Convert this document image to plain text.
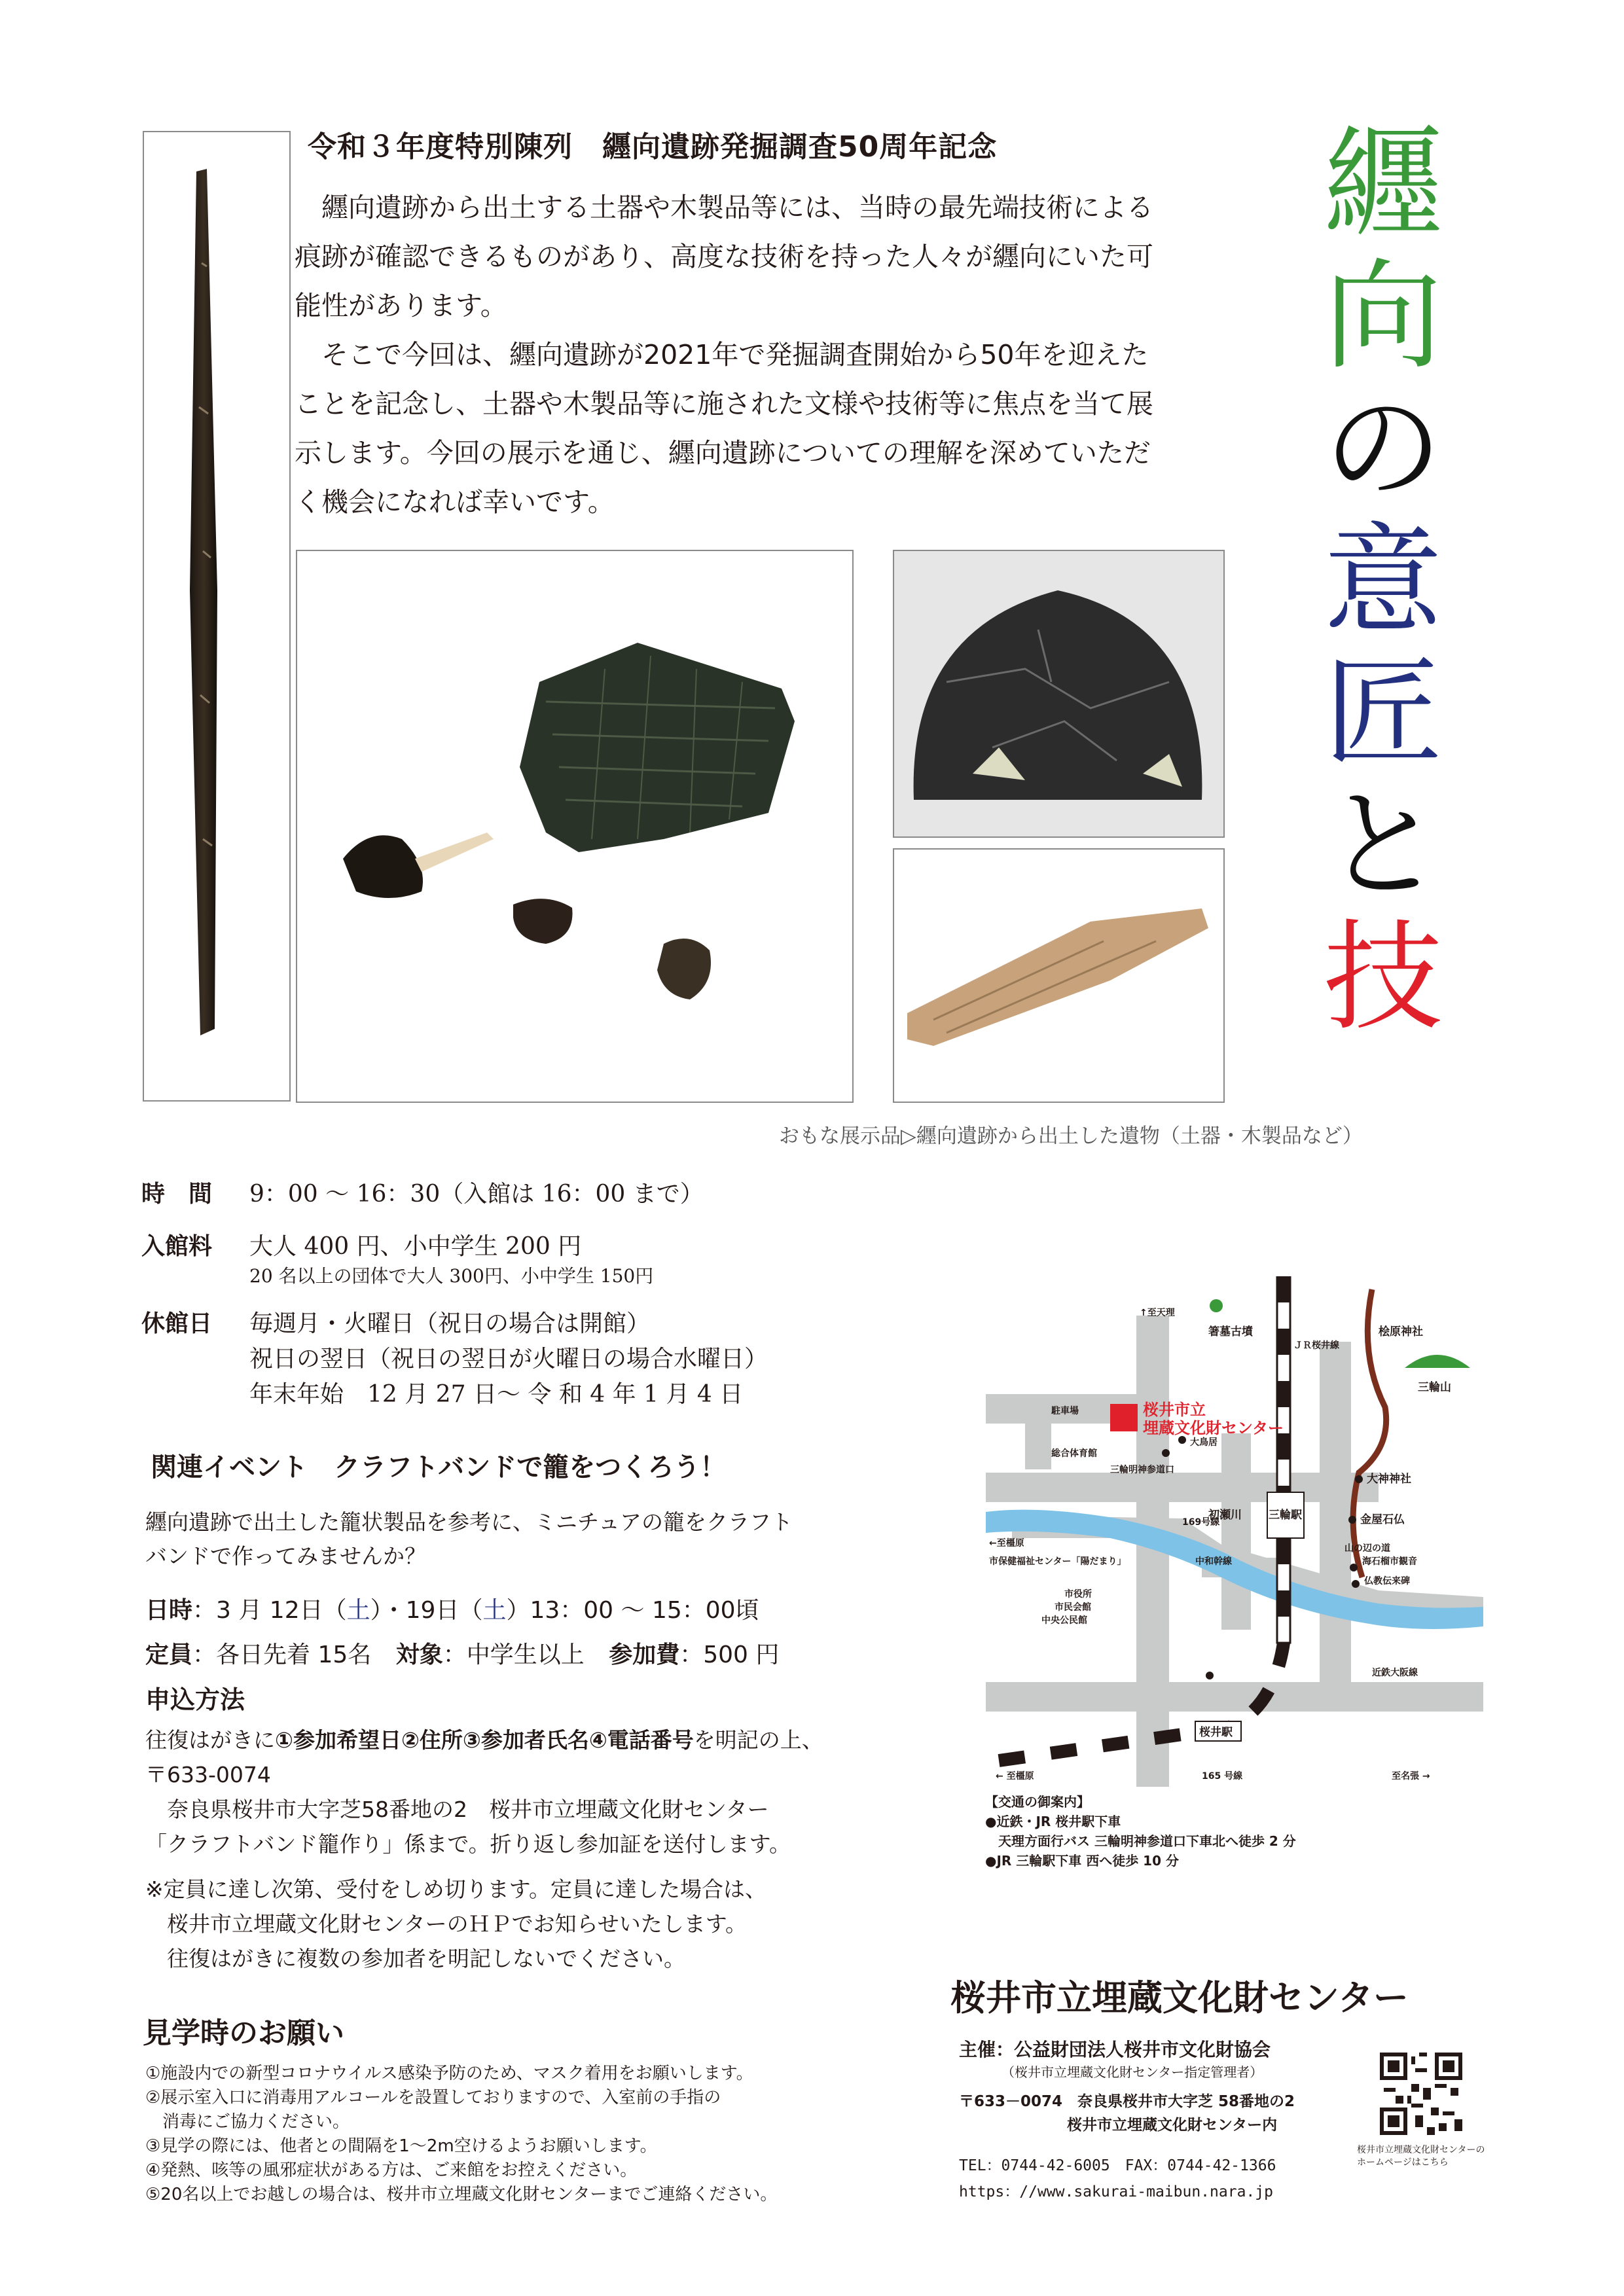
令和３年度特別陳列　纒向遺跡発掘調査50周年記念
　纒向遺跡から出土する土器や木製品等には、当時の最先端技術による
痕跡が確認できるものがあり、高度な技術を持った人々が纒向にいた可
能性があります。
　そこで今回は、纒向遺跡が2021年で発掘調査開始から50年を迎えた
ことを記念し、土器や木製品等に施された文様や技術等に焦点を当て展
示します。今回の展示を通じ、纒向遺跡についての理解を深めていただ
く機会になれば幸いです。
纒
向
の
意
匠
と
技
おもな展示品▷纒向遺跡から出土した遺物（土器・木製品など）
時　間 9：00 ～ 16：30（入館は 16：00 まで）
入館料 大人 400 円、小中学生 200 円
20 名以上の団体で大人 300円、小中学生 150円
休館日 毎週月・火曜日（祝日の場合は開館）
祝日の翌日（祝日の翌日が火曜日の場合水曜日）
年末年始　12 月 27 日～ 令 和 4 年 1 月 4 日
関連イベント　クラフトバンドで籠をつくろう！
纒向遺跡で出土した籠状製品を参考に、ミニチュアの籠をクラフト
バンドで作ってみませんか？
日時：3 月 12日（土）・19日（土）13：00 ～ 15：00頃
定員：各日先着 15名 対象：中学生以上 参加費：500 円
申込方法
往復はがきに①参加希望日②住所③参加者氏名④電話番号を明記の上、
〒633-0074
　奈良県桜井市大字芝58番地の2　桜井市立埋蔵文化財センター
「クラフトバンド籠作り」係まで。折り返し参加証を送付します。
※定員に達し次第、受付をしめ切ります。定員に達した場合は、
　桜井市立埋蔵文化財センターのＨＰでお知らせいたします。
　往復はがきに複数の参加者を明記しないでください。
見学時のお願い
①施設内での新型コロナウイルス感染予防のため、マスク着用をお願いします。
②展示室入口に消毒用アルコールを設置しておりますので、入室前の手指の
　消毒にご協力ください。
③見学の際には、他者との間隔を1～2m空けるようお願いします。
④発熱、咳等の風邪症状がある方は、ご来館をお控えください。
⑤20名以上でお越しの場合は、桜井市立埋蔵文化財センターまでご連絡ください。
↑至天理
箸墓古墳
ＪＲ桜井線
桧原神社
桜井市立
埋蔵文化財センター
駐車場
総合体育館
三輪明神参道口
大鳥居
三輪山
三輪駅
大神神社
山の辺の道
金屋石仏
海石榴市観音
仏教伝来碑
169号線
初瀬川
中和幹線
←至橿原
市保健福祉センター「陽だまり」
市役所
市民会館
中央公民館
近鉄大阪線
桜井駅
← 至橿原	165 号線	至名張 →
【交通の御案内】
●近鉄・JR 桜井駅下車
　天理方面行バス 三輪明神参道口下車北へ徒歩 2 分
●JR 三輪駅下車 西へ徒歩 10 分
桜井市立埋蔵文化財センター
主催：公益財団法人桜井市文化財協会
（桜井市立埋蔵文化財センター指定管理者）
〒633－0074　奈良県桜井市大字芝 58番地の2
桜井市立埋蔵文化財センター内
TEL：0744-42-6005　FAX：0744-42-1366
https：//www.sakurai-maibun.nara.jp
桜井市立埋蔵文化財センターの
ホームページはこちら
